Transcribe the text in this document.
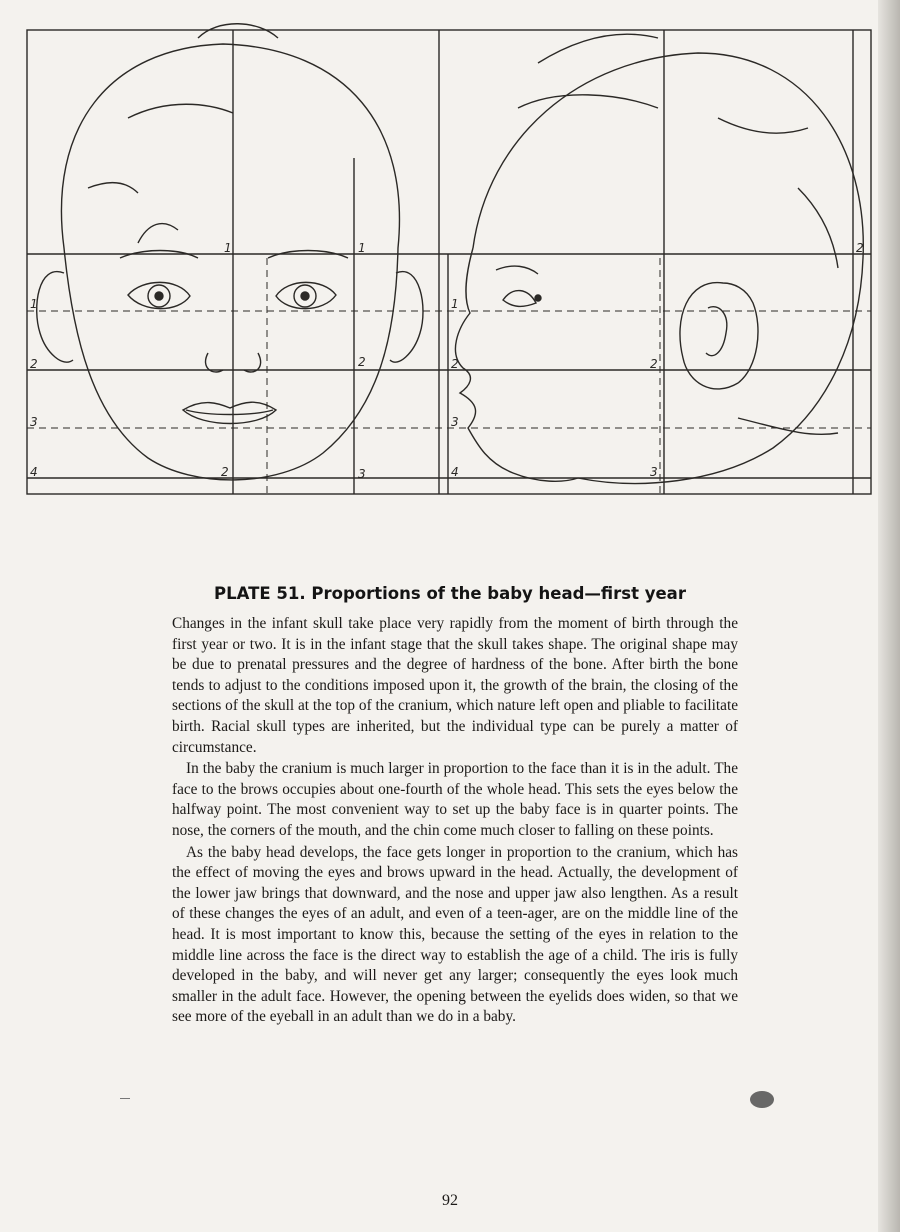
1
2
3
4
1
2
1
2
3
1
2
3
4
2
3
2
PLATE 51. Proportions of the baby head—first year

Changes in the infant skull take place very rapidly from the moment of birth through the first year or two. It is in the infant stage that the skull takes shape. The original shape may be due to prenatal pressures and the degree of hardness of the bone. After birth the bone tends to adjust to the conditions imposed upon it, the growth of the brain, the closing of the sections of the skull at the top of the cranium, which nature left open and pliable to facilitate birth. Racial skull types are inherited, but the individual type can be purely a matter of circumstance.

In the baby the cranium is much larger in proportion to the face than it is in the adult. The face to the brows occupies about one-fourth of the whole head. This sets the eyes below the halfway point. The most convenient way to set up the baby face is in quarter points. The nose, the corners of the mouth, and the chin come much closer to falling on these points.

As the baby head develops, the face gets longer in proportion to the cranium, which has the effect of moving the eyes and brows upward in the head. Actually, the development of the lower jaw brings that downward, and the nose and upper jaw also lengthen. As a result of these changes the eyes of an adult, and even of a teen-ager, are on the middle line of the head. It is most important to know this, because the setting of the eyes in relation to the middle line across the face is the direct way to establish the age of a child. The iris is fully developed in the baby, and will never get any larger; consequently the eyes look much smaller in the adult face. However, the opening between the eyelids does widen, so that we see more of the eyeball in an adult than we do in a baby.

92
